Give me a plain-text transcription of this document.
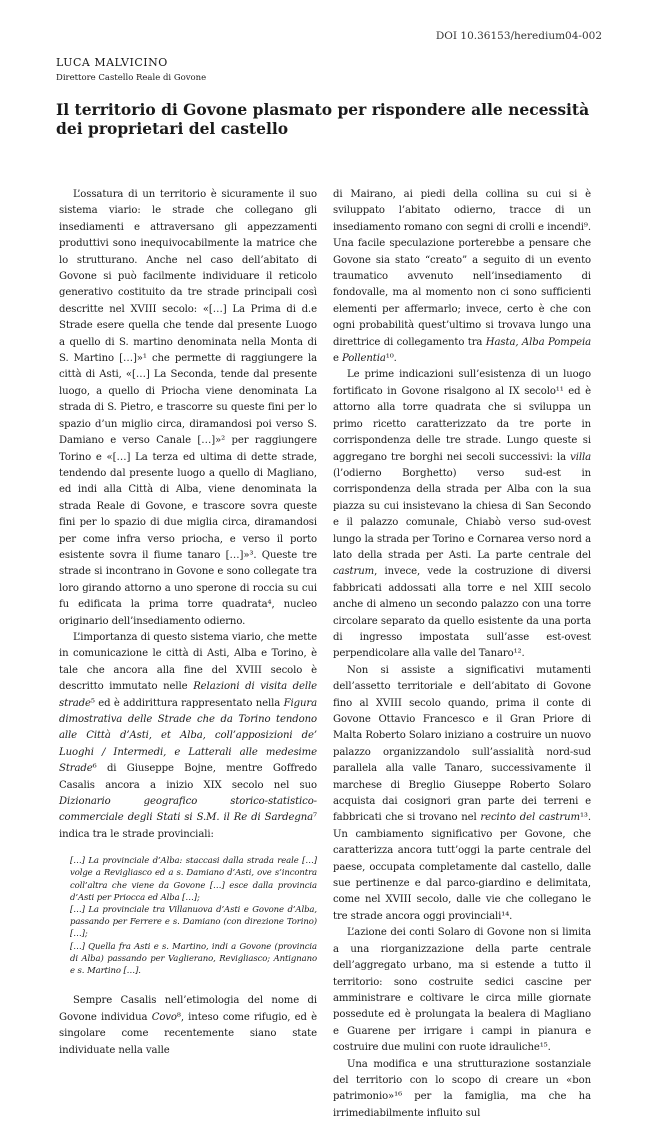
DOI 10.36153/heredium04-002
LUCA MALVICINO
Direttore Castello Reale di Govone
Il territorio di Govone plasmato per rispondere alle necessità dei proprietari del castello

L’ossatura di un territorio è sicuramente il suo sistema viario: le strade che collegano gli insediamenti e attraversano gli appezzamenti produttivi sono inequivocabilmente la matrice che lo strutturano. Anche nel caso dell’abitato di Govone si può facilmente individuare il reticolo generativo costituito da tre strade principali così descritte nel XVIII secolo: «[…] La Prima di d.e Strade esere quella che tende dal presente Luogo a quello di S. martino denominata nella Monta di S. Martino […]»¹ che permette di raggiungere la città di Asti, «[…] La Seconda, tende dal presente luogo, a quello di Priocha viene denominata La strada di S. Pietro, e trascorre su queste fini per lo spazio d’un miglio circa, diramandosi poi verso S. Damiano e verso Canale […]»² per raggiungere Torino e «[…] La terza ed ultima di dette strade, tendendo dal presente luogo a quello di Magliano, ed indi alla Città di Alba, viene denominata la strada Reale di Govone, e trascore sovra queste fini per lo spazio di due miglia circa, diramandosi per come infra verso priocha, e verso il porto esistente sovra il fiume tanaro […]»³. Queste tre strade si incontrano in Govone e sono collegate tra loro girando attorno a uno sperone di roccia su cui fu edificata la prima torre quadrata⁴, nucleo originario dell’insediamento odierno.

L’importanza di questo sistema viario, che mette in comunicazione le città di Asti, Alba e Torino, è tale che ancora alla fine del XVIII secolo è descritto immutato nelle Relazioni di visita delle strade⁵ ed è addirittura rappresentato nella Figura dimostrativa delle Strade che da Torino tendono alle Città d’Asti, et Alba, coll’apposizioni de’ Luoghi / Intermedi, e Latterali alle medesime Strade⁶ di Giuseppe Bojne, mentre Goffredo Casalis ancora a inizio XIX secolo nel suo Dizionario geografico storico-statistico-commerciale degli Stati si S.M. il Re di Sardegna⁷ indica tra le strade provinciali:

[…] La provinciale d’Alba: staccasi dalla strada reale […] volge a Revigliasco ed a s. Damiano d’Asti, ove s’incontra coll’altra che viene da Govone […] esce dalla provincia d’Asti per Priocca ed Alba […];

[…] La provinciale tra Villanuova d’Asti e Govone d’Alba, passando per Ferrere e s. Damiano (con direzione Torino) […];

[…] Quella fra Asti e s. Martino, indi a Govone (provincia di Alba) passando per Vaglierano, Revigliasco; Antignano e s. Martino […].

Sempre Casalis nell’etimologia del nome di Govone individua Covo⁸, inteso come rifugio, ed è singolare come recentemente siano state individuate nella valle

di Mairano, ai piedi della collina su cui si è sviluppato l’abitato odierno, tracce di un insediamento romano con segni di crolli e incendi⁹. Una facile speculazione porterebbe a pensare che Govone sia stato “creato” a seguito di un evento traumatico avvenuto nell’insediamento di fondovalle, ma al momento non ci sono sufficienti elementi per affermarlo; invece, certo è che con ogni probabilità quest’ultimo si trovava lungo una direttrice di collegamento tra Hasta, Alba Pompeia e Pollentia¹⁰.

Le prime indicazioni sull’esistenza di un luogo fortificato in Govone risalgono al IX secolo¹¹ ed è attorno alla torre quadrata che si sviluppa un primo ricetto caratterizzato da tre porte in corrispondenza delle tre strade. Lungo queste si aggregano tre borghi nei secoli successivi: la villa (l’odierno Borghetto) verso sud-est in corrispondenza della strada per Alba con la sua piazza su cui insistevano la chiesa di San Secondo e il palazzo comunale, Chiabò verso sud-ovest lungo la strada per Torino e Cornarea verso nord a lato della strada per Asti. La parte centrale del castrum, invece, vede la costruzione di diversi fabbricati addossati alla torre e nel XIII secolo anche di almeno un secondo palazzo con una torre circolare separato da quello esistente da una porta di ingresso impostata sull’asse est-ovest perpendicolare alla valle del Tanaro¹².

Non si assiste a significativi mutamenti dell’assetto territoriale e dell’abitato di Govone fino al XVIII secolo quando, prima il conte di Govone Ottavio Francesco e il Gran Priore di Malta Roberto Solaro iniziano a costruire un nuovo palazzo organizzandolo sull’assialità nord-sud parallela alla valle Tanaro, successivamente il marchese di Breglio Giuseppe Roberto Solaro acquista dai cosignori gran parte dei terreni e fabbricati che si trovano nel recinto del castrum¹³. Un cambiamento significativo per Govone, che caratterizza ancora tutt’oggi la parte centrale del paese, occupata completamente dal castello, dalle sue pertinenze e dal parco-giardino e delimitata, come nel XVIII secolo, dalle vie che collegano le tre strade ancora oggi provinciali¹⁴.

L’azione dei conti Solaro di Govone non si limita a una riorganizzazione della parte centrale dell’aggregato urbano, ma si estende a tutto il territorio: sono costruite sedici cascine per amministrare e coltivare le circa mille giornate possedute ed è prolungata la bealera di Magliano e Guarene per irrigare i campi in pianura e costruire due mulini con ruote idrauliche¹⁵.

Una modifica e una strutturazione sostanziale del territorio con lo scopo di creare un «bon patrimonio»¹⁶ per la famiglia, ma che ha irrimediabilmente influito sul
